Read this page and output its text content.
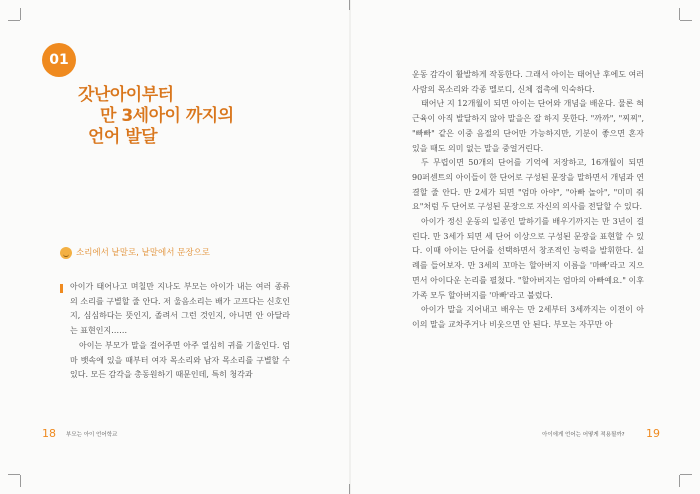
01
갓난아이부터
만 3세아이 까지의
언어 발달
소리에서 낱말로, 낱말에서 문장으로

아이가 태어나고 며칠만 지나도 부모는 아이가 내는 여러 종류의 소리를 구별할 줄 안다. 저 울음소리는 배가 고프다는 신호인지, 심심하다는 뜻인지, 졸려서 그런 것인지, 아니면 안 아달라는 표현인지……

아이는 부모가 말을 걸어주면 아주 열심히 귀를 기울인다. 엄마 뱃속에 있을 때부터 여자 목소리와 남자 목소리를 구별할 수 있다. 모든 감각을 총동원하기 때문인데, 특히 청각과

18 부모는 아이 언어학교

운동 감각이 활발하게 작동한다. 그래서 아이는 태어난 후에도 여러 사람의 목소리와 각종 멜로디, 신체 접촉에 익숙하다.

태어난 지 12개월이 되면 아이는 단어와 개념을 배운다. 물론 혀 근육이 아직 발달하지 않아 말을은 잘 하지 못한다. "까까", "찌찌", "빠빠" 같은 이중 음절의 단어만 가능하지만, 기분이 좋으면 혼자 있을 때도 의미 없는 말을 중얼거린다.

두 무렵이면 50개의 단어를 기억에 저장하고, 16개월이 되면 90퍼센트의 아이들이 한 단어로 구성된 문장을 말하면서 개념과 연결할 줄 안다. 만 2세가 되면 "엄마 아야", "아빠 놀아", "미미 줘요"처럼 두 단어로 구성된 문장으로 자신의 의사를 전달할 수 있다.

아이가 정신 운동의 일종인 말하기를 배우기까지는 만 3년이 걸린다. 만 3세가 되면 세 단어 이상으로 구성된 문장을 표현할 수 있다. 이때 아이는 단어를 선택하면서 창조적인 능력을 발휘한다. 실례를 들어보자. 만 3세의 꼬마는 할아버지 이름을 '마빠'라고 지으면서 아이다운 논리를 펼쳤다. "할아버지는 엄마의 아빠예요." 이후 가족 모두 할아버지를 '마빠'라고 불렀다.

아이가 말을 지어내고 배우는 만 2세부터 3세까지는 이전이 아이의 말을 교차주거나 비웃으면 안 된다. 부모는 자꾸만 아

아이에게 언어는 어떻게 적용될까? 19
